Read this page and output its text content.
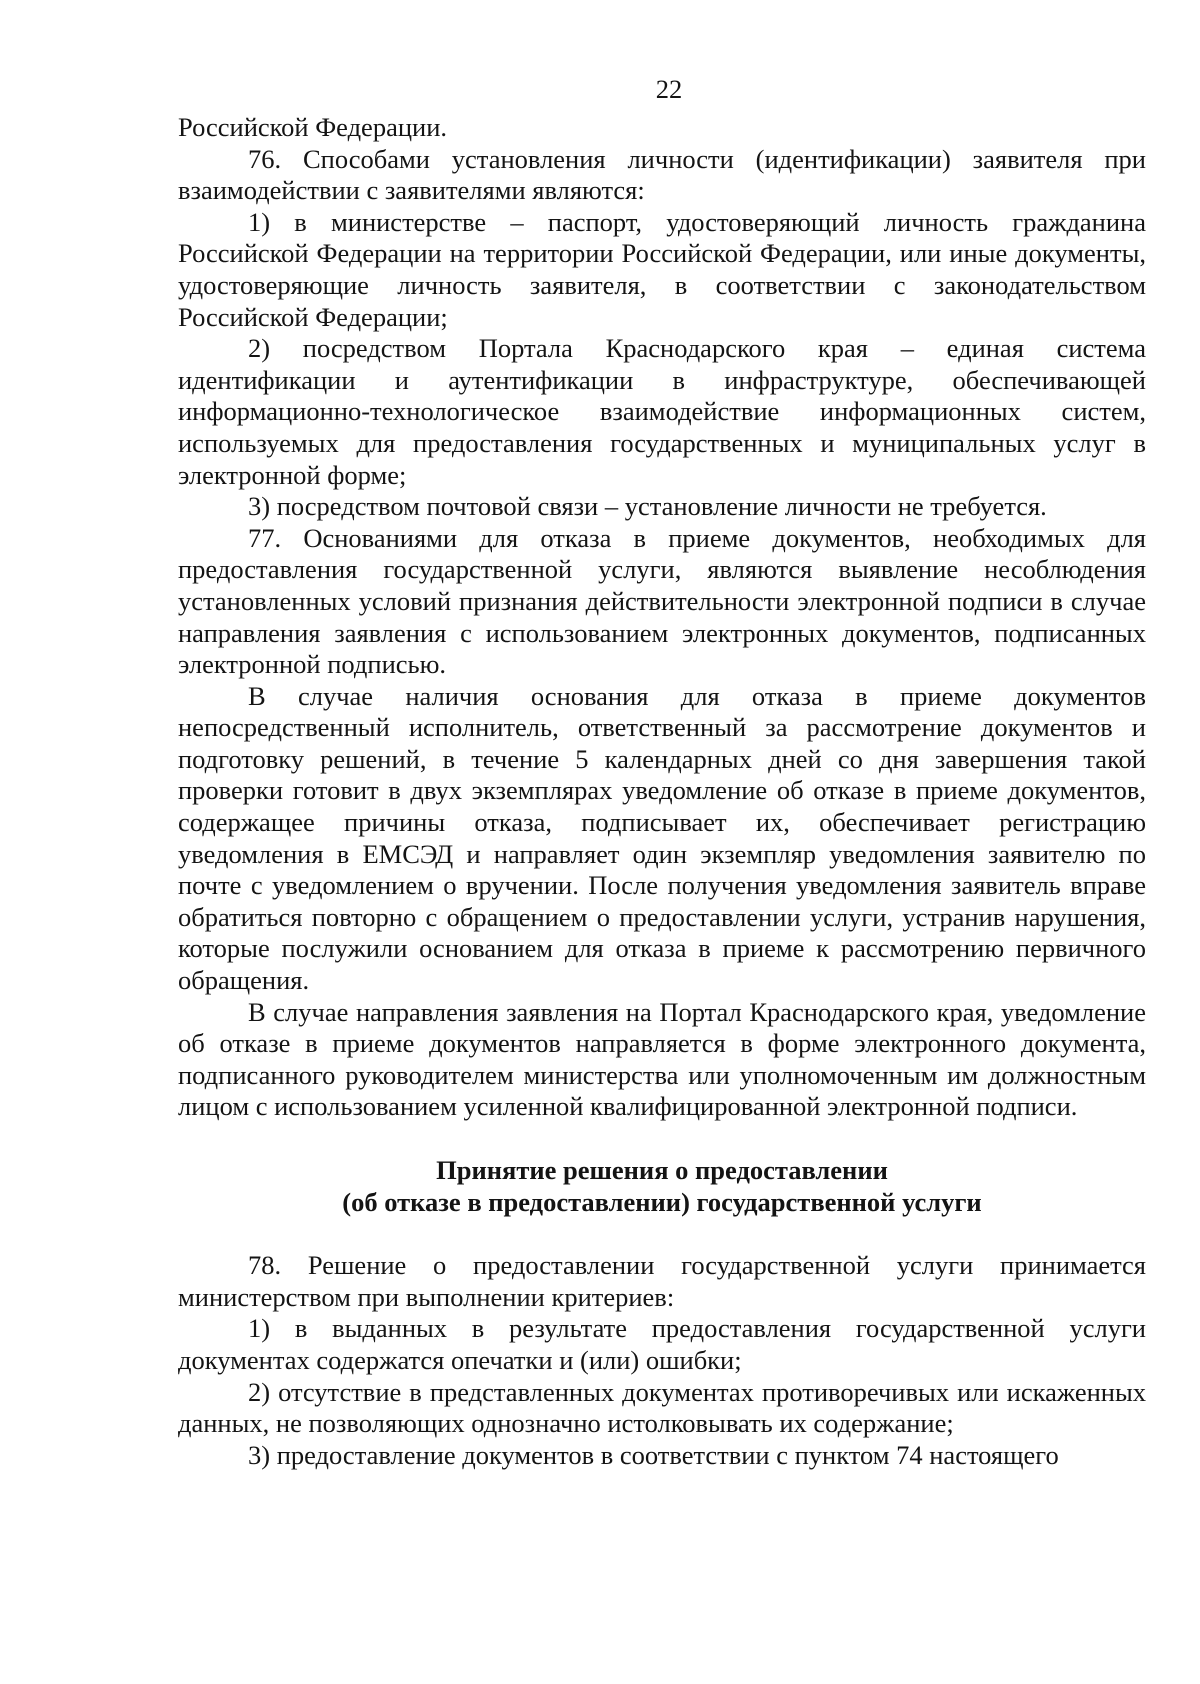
22

Российской Федерации.

76. Способами установления личности (идентификации) заявителя при взаимодействии с заявителями являются:

1) в министерстве – паспорт, удостоверяющий личность гражданина Российской Федерации на территории Российской Федерации, или иные документы, удостоверяющие личность заявителя, в соответствии с законодательством Российской Федерации;

2) посредством Портала Краснодарского края – единая система идентификации и аутентификации в инфраструктуре, обеспечивающей информационно-технологическое взаимодействие информационных систем, используемых для предоставления государственных и муниципальных услуг в электронной форме;

3) посредством почтовой связи – установление личности не требуется.

77. Основаниями для отказа в приеме документов, необходимых для предоставления государственной услуги, являются выявление несоблюдения установленных условий признания действительности электронной подписи в случае направления заявления с использованием электронных документов, подписанных электронной подписью.

В случае наличия основания для отказа в приеме документов непосредственный исполнитель, ответственный за рассмотрение документов и подготовку решений, в течение 5 календарных дней со дня завершения такой проверки готовит в двух экземплярах уведомление об отказе в приеме документов, содержащее причины отказа, подписывает их, обеспечивает регистрацию уведомления в ЕМСЭД и направляет один экземпляр уведомления заявителю по почте с уведомлением о вручении. После получения уведомления заявитель вправе обратиться повторно с обращением о предоставлении услуги, устранив нарушения, которые послужили основанием для отказа в приеме к рассмотрению первичного обращения.

В случае направления заявления на Портал Краснодарского края, уведомление об отказе в приеме документов направляется в форме электронного документа, подписанного руководителем министерства или уполномоченным им должностным лицом с использованием усиленной квалифицированной электронной подписи.

Принятие решения о предоставлении
(об отказе в предоставлении) государственной услуги

78. Решение о предоставлении государственной услуги принимается министерством при выполнении критериев:

1) в выданных в результате предоставления государственной услуги документах содержатся опечатки и (или) ошибки;

2) отсутствие в представленных документах противоречивых или искаженных данных, не позволяющих однозначно истолковывать их содержание;

3) предоставление документов в соответствии с пунктом 74 настоящего
